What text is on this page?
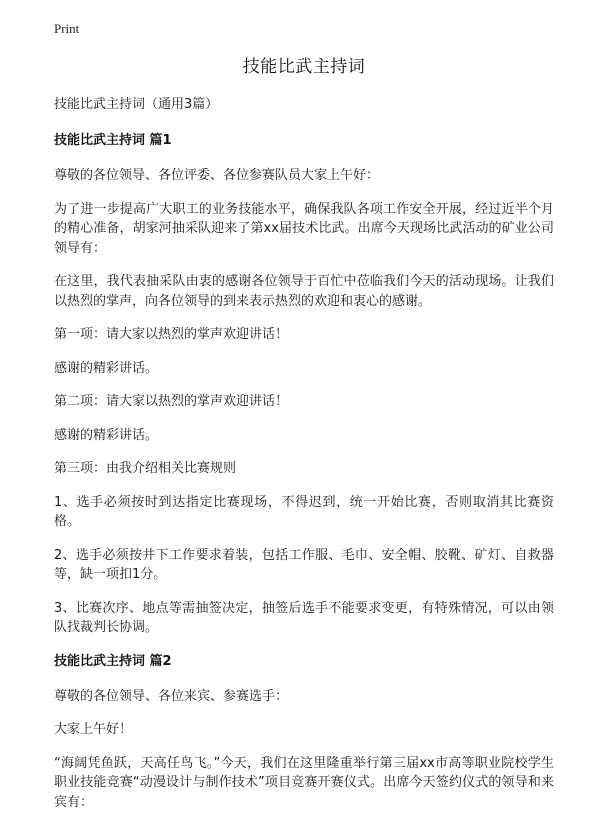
Print
技能比武主持词

技能比武主持词（通用3篇）

技能比武主持词 篇1

尊敬的各位领导、各位评委、各位参赛队员大家上午好：

为了进一步提高广大职工的业务技能水平，确保我队各项工作安全开展，经过近半个月的精心准备，胡家河抽采队迎来了第xx届技术比武。出席今天现场比武活动的矿业公司领导有：

在这里，我代表抽采队由衷的感谢各位领导于百忙中莅临我们今天的活动现场。让我们以热烈的掌声，向各位领导的到来表示热烈的欢迎和衷心的感谢。

第一项：请大家以热烈的掌声欢迎讲话！

感谢的精彩讲话。

第二项：请大家以热烈的掌声欢迎讲话！

感谢的精彩讲话。

第三项：由我介绍相关比赛规则

1、选手必须按时到达指定比赛现场，不得迟到，统一开始比赛，否则取消其比赛资格。

2、选手必须按井下工作要求着装，包括工作服、毛巾、安全帽、胶靴、矿灯、自救器等，缺一项扣1分。

3、比赛次序、地点等需抽签决定，抽签后选手不能要求变更，有特殊情况，可以由领队找裁判长协调。

技能比武主持词 篇2

尊敬的各位领导、各位来宾、参赛选手：

大家上午好！

“海阔凭鱼跃，天高任鸟飞。”今天，我们在这里隆重举行第三届xx市高等职业院校学生职业技能竞赛“动漫设计与制作技术”项目竞赛开赛仪式。出席今天签约仪式的领导和来宾有：
